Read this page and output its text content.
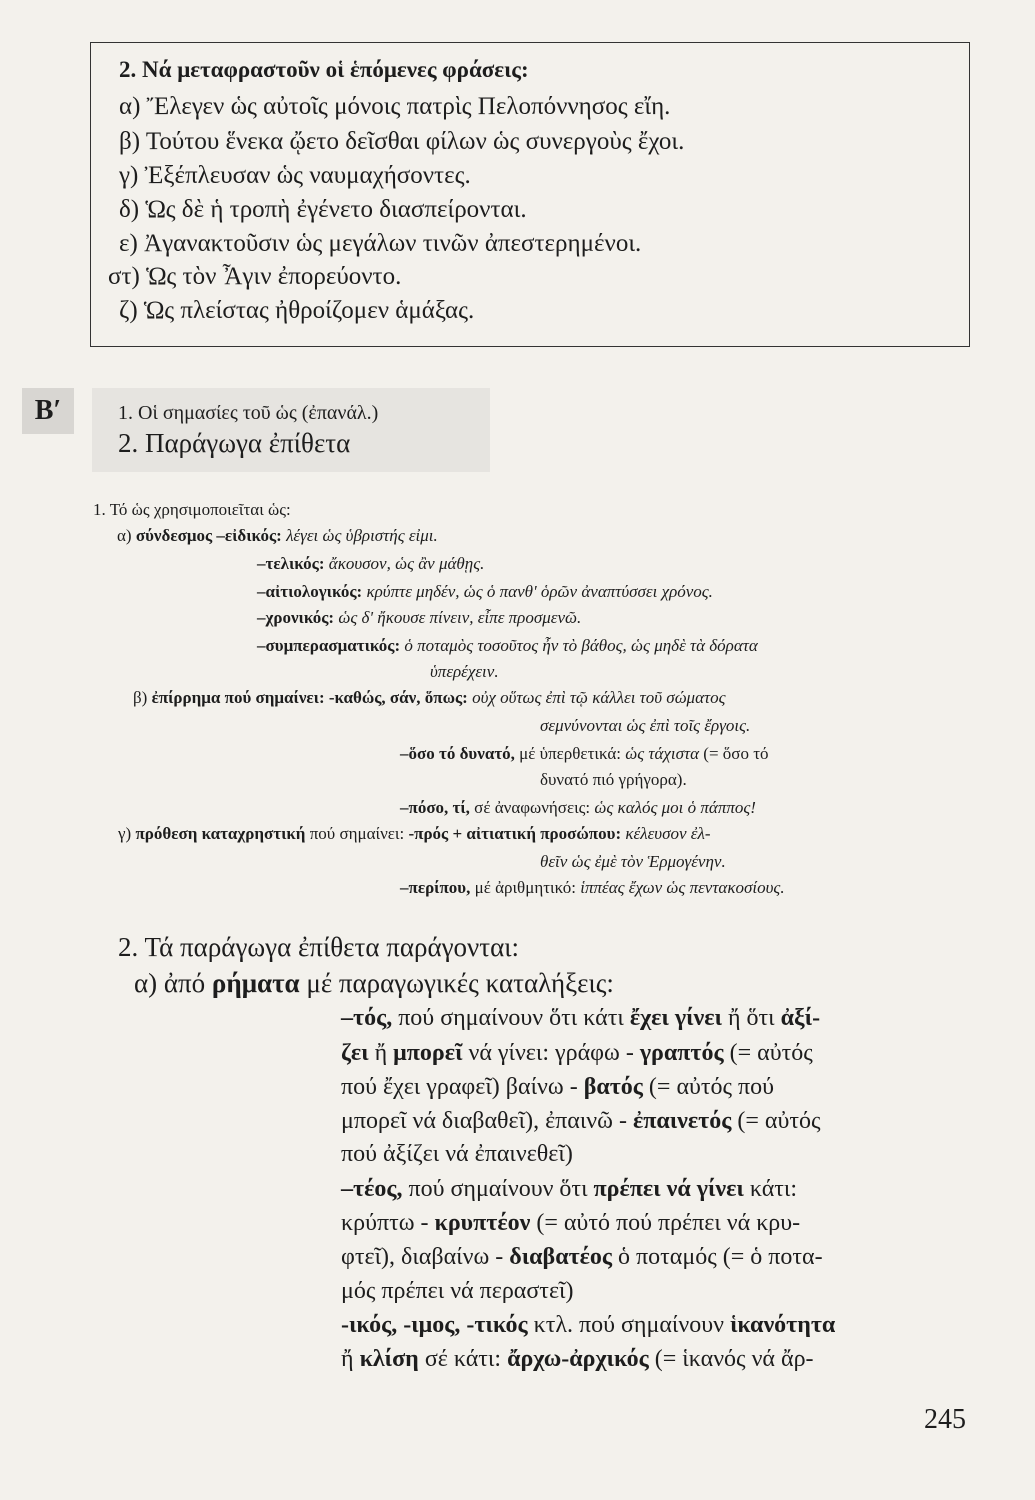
2. Νά μεταφραστοῦν οἱ ἑπόμενες φράσεις:
α) Ἔλεγεν ὡς αὐτοῖς μόνοις πατρὶς Πελοπόννησος εἴη.
β) Τούτου ἕνεκα ᾤετο δεῖσθαι φίλων ὡς συνεργοὺς ἔχοι.
γ) Ἐξέπλευσαν ὡς ναυμαχήσοντες.
δ) Ὡς δὲ ἡ τροπὴ ἐγένετο διασπείρονται.
ε) Ἀγανακτοῦσιν ὡς μεγάλων τινῶν ἀπεστερημένοι.
στ) Ὡς τὸν Ἆγιν ἐπορεύοντο.
ζ) Ὡς πλείστας ἠθροίζομεν ἁμάξας.
B′	1. Οἱ σημασίες τοῦ ὡς (ἐπανάλ.)
2. Παράγωγα ἐπίθετα
1. Τό ὡς χρησιμοποιεῖται ὡς:
α) σύνδεσμος –εἰδικός: λέγει ὡς ὑβριστής εἰμι.
–τελικός: ἄκουσον, ὡς ἂν μάθῃς.
–αἰτιολογικός: κρύπτε μηδέν, ὡς ὁ πανθ' ὁρῶν ἀναπτύσσει χρόνος.
–χρονικός: ὡς δ' ἤκουσε πίνειν, εἶπε προσμενῶ.
–συμπερασματικός: ὁ ποταμὸς τοσοῦτος ἦν τὸ βάθος, ὡς μηδὲ τὰ δόρατα
ὑπερέχειν.
β) ἐπίρρημα πού σημαίνει: -καθώς, σάν, ὅπως: οὐχ οὕτως ἐπὶ τῷ κάλλει τοῦ σώματος
σεμνύνονται ὡς ἐπὶ τοῖς ἔργοις.
–ὅσο τό δυνατό, μέ ὑπερθετικά: ὡς τάχιστα (= ὅσο τό
δυνατό πιό γρήγορα).
–πόσο, τί, σέ ἀναφωνήσεις: ὡς καλός μοι ὁ πάππος!
γ) πρόθεση καταχρηστική πού σημαίνει: -πρός + αἰτιατική προσώπου: κέλευσον ἐλ-
θεῖν ὡς ἐμὲ τὸν Ἑρμογένην.
–περίπου, μέ ἀριθμητικό: ἱππέας ἔχων ὡς πεντακοσίους.
2. Τά παράγωγα ἐπίθετα παράγονται:
α) ἀπό ρήματα μέ παραγωγικές καταλήξεις:
–τός, πού σημαίνουν ὅτι κάτι ἔχει γίνει ἤ ὅτι ἀξί-
ζει ἤ μπορεῖ νά γίνει: γράφω - γραπτός (= αὐτός
πού ἔχει γραφεῖ) βαίνω - βατός (= αὐτός πού
μπορεῖ νά διαβαθεῖ), ἐπαινῶ - ἐπαινετός (= αὐτός
πού ἀξίζει νά ἐπαινεθεῖ)
–τέος, πού σημαίνουν ὅτι πρέπει νά γίνει κάτι:
κρύπτω - κρυπτέον (= αὐτό πού πρέπει νά κρυ-
φτεῖ), διαβαίνω - διαβατέος ὁ ποταμός (= ὁ ποτα-
μός πρέπει νά περαστεῖ)
-ικός, -ιμος, -τικός κτλ. πού σημαίνουν ἱκανότητα
ἤ κλίση σέ κάτι: ἄρχω-ἀρχικός (= ἱκανός νά ἄρ-
245
